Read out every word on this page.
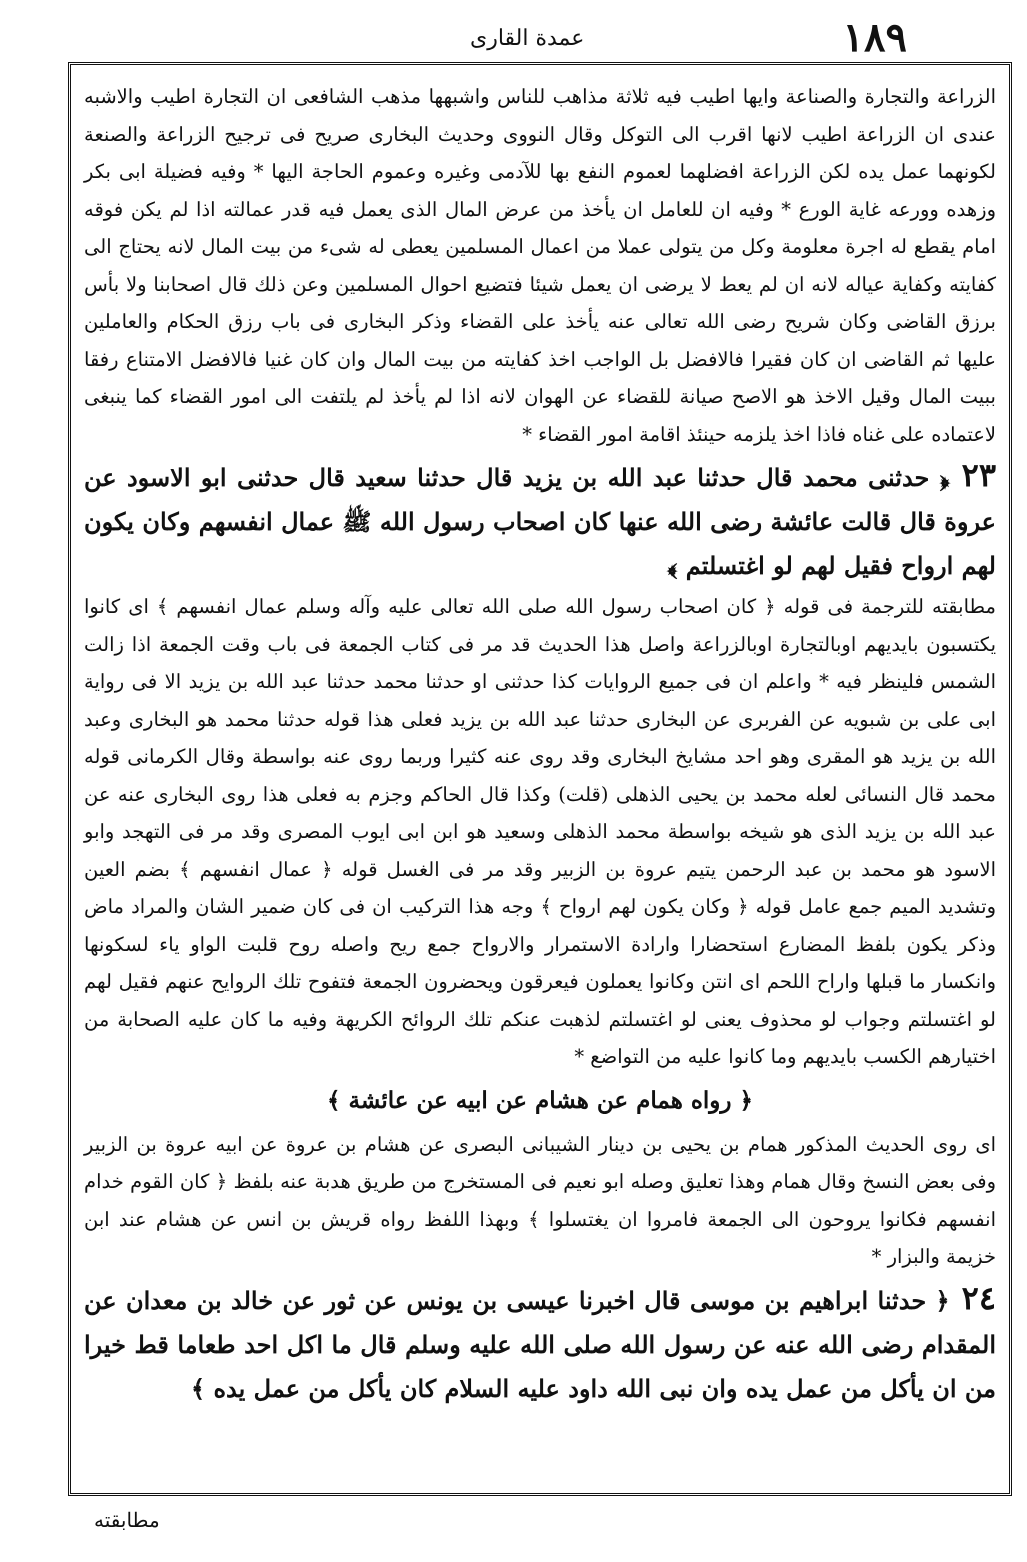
١٨٩
عمدة القاری

الزراعة والتجارة والصناعة وايها اطيب فيه ثلاثة مذاهب للناس واشبهها مذهب الشافعی ان التجارة اطيب والاشبه عندی ان الزراعة اطيب لانها اقرب الی التوكل وقال النووی وحديث البخاری صريح فی ترجيح الزراعة والصنعة لكونهما عمل يده لكن الزراعة افضلهما لعموم النفع بها للآدمی وغيره وعموم الحاجة اليها * وفيه فضيلة ابی بكر وزهده وورعه غاية الورع * وفيه ان للعامل ان يأخذ من عرض المال الذی يعمل فيه قدر عمالته اذا لم يكن فوقه امام يقطع له اجرة معلومة وكل من يتولی عملا من اعمال المسلمين يعطی له شیء من بيت المال لانه يحتاج الی كفايته وكفاية عياله لانه ان لم يعط لا يرضی ان يعمل شيئا فتضيع احوال المسلمين وعن ذلك قال اصحابنا ولا بأس برزق القاضی وكان شريح رضی الله تعالی عنه يأخذ علی القضاء وذكر البخاری فی باب رزق الحكام والعاملين عليها ثم القاضی ان كان فقيرا فالافضل بل الواجب اخذ كفايته من بيت المال وان كان غنيا فالافضل الامتناع رفقا ببيت المال وقيل الاخذ هو الاصح صيانة للقضاء عن الهوان لانه اذا لم يأخذ لم يلتفت الی امور القضاء كما ينبغی لاعتماده علی غناه فاذا اخذ يلزمه حينئذ اقامة امور القضاء *

٢٣﴿ حدثنی محمد قال حدثنا عبد الله بن يزيد قال حدثنا سعيد قال حدثنی ابو الاسود عن عروة قال قالت عائشة رضی الله عنها كان اصحاب رسول الله ﷺ عمال انفسهم وكان يكون لهم ارواح فقيل لهم لو اغتسلتم ﴾

مطابقته للترجمة فی قوله ﴿ كان اصحاب رسول الله صلی الله تعالی عليه وآله وسلم عمال انفسهم ﴾ ای كانوا يكتسبون بايديهم اوبالتجارة اوبالزراعة واصل هذا الحديث قد مر فی كتاب الجمعة فی باب وقت الجمعة اذا زالت الشمس فلينظر فيه * واعلم ان فی جميع الروايات كذا حدثنی او حدثنا محمد حدثنا عبد الله بن يزيد الا فی رواية ابی علی بن شبويه عن الفربری عن البخاری حدثنا عبد الله بن يزيد فعلی هذا قوله حدثنا محمد هو البخاری وعبد الله بن يزيد هو المقری وهو احد مشايخ البخاری وقد روی عنه كثيرا وربما روی عنه بواسطة وقال الكرمانی قوله محمد قال النسائی لعله محمد بن يحيی الذهلی (قلت) وكذا قال الحاكم وجزم به فعلی هذا روی البخاری عنه عن عبد الله بن يزيد الذی هو شيخه بواسطة محمد الذهلی وسعيد هو ابن ابی ايوب المصری وقد مر فی التهجد وابو الاسود هو محمد بن عبد الرحمن يتيم عروة بن الزبير وقد مر فی الغسل قوله ﴿ عمال انفسهم ﴾ بضم العين وتشديد الميم جمع عامل قوله ﴿ وكان يكون لهم ارواح ﴾ وجه هذا التركيب ان فی كان ضمير الشان والمراد ماض وذكر يكون بلفظ المضارع استحضارا وارادة الاستمرار والارواح جمع ريح واصله روح قلبت الواو ياء لسكونها وانكسار ما قبلها واراح اللحم ای انتن وكانوا يعملون فيعرقون ويحضرون الجمعة فتفوح تلك الروايح عنهم فقيل لهم لو اغتسلتم وجواب لو محذوف يعنی لو اغتسلتم لذهبت عنكم تلك الروائح الكريهة وفيه ما كان عليه الصحابة من اختيارهم الكسب بايديهم وما كانوا عليه من التواضع *

﴿ رواه همام عن هشام عن ابيه عن عائشة ﴾

ای روی الحديث المذكور همام بن يحيی بن دينار الشيبانی البصری عن هشام بن عروة عن ابيه عروة بن الزبير وفی بعض النسخ وقال همام وهذا تعليق وصله ابو نعيم فی المستخرج من طريق هدبة عنه بلفظ ﴿ كان القوم خدام انفسهم فكانوا يروحون الی الجمعة فامروا ان يغتسلوا ﴾ وبهذا اللفظ رواه قريش بن انس عن هشام عند ابن خزيمة والبزار *

٢٤﴿ حدثنا ابراهيم بن موسی قال اخبرنا عيسی بن يونس عن ثور عن خالد بن معدان عن المقدام رضی الله عنه عن رسول الله صلی الله عليه وسلم قال ما اكل احد طعاما قط خيرا من ان يأكل من عمل يده وان نبی الله داود عليه السلام كان يأكل من عمل يده ﴾

مطابقته
